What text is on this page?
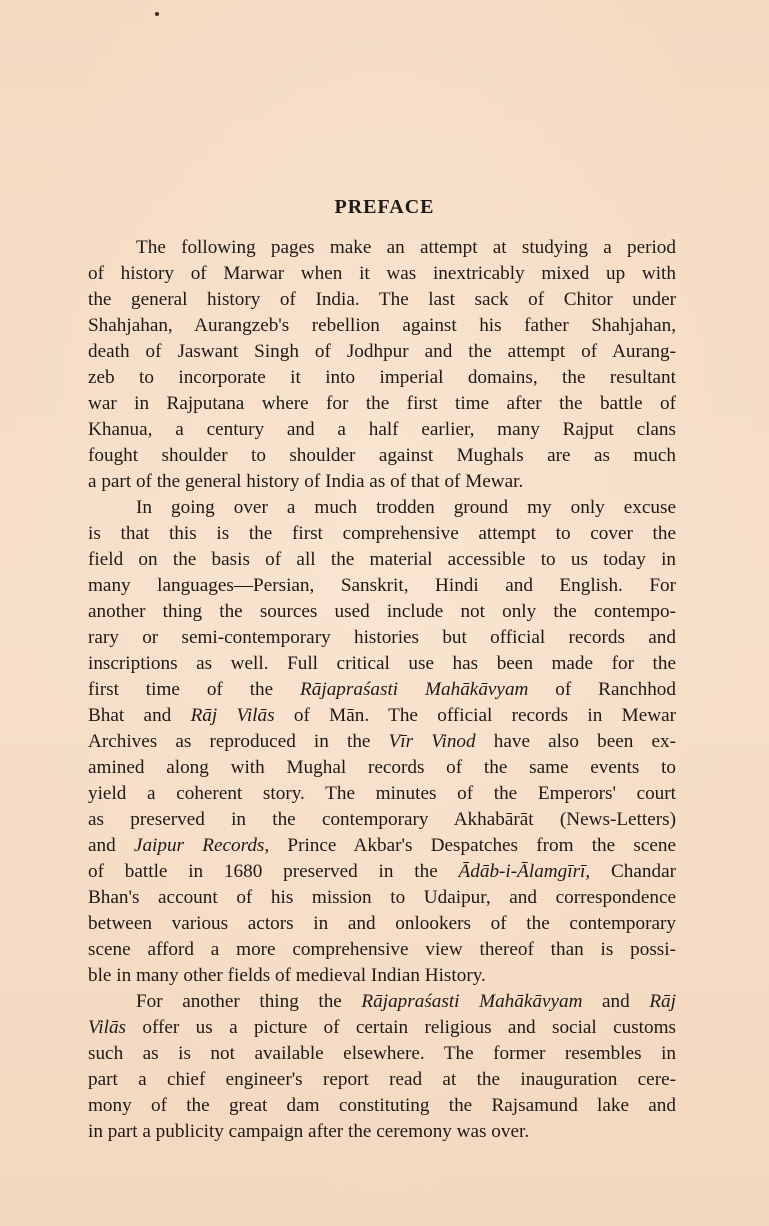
PREFACE
The following pages make an attempt at studying a period
of history of Marwar when it was inextricably mixed up with
the general history of India. The last sack of Chitor under
Shahjahan, Aurangzeb's rebellion against his father Shahjahan,
death of Jaswant Singh of Jodhpur and the attempt of Aurang-
zeb to incorporate it into imperial domains, the resultant
war in Rajputana where for the first time after the battle of
Khanua, a century and a half earlier, many Rajput clans
fought shoulder to shoulder against Mughals are as much
a part of the general history of India as of that of Mewar.
In going over a much trodden ground my only excuse
is that this is the first comprehensive attempt to cover the
field on the basis of all the material accessible to us today in
many languages—Persian, Sanskrit, Hindi and English. For
another thing the sources used include not only the contempo-
rary or semi-contemporary histories but official records and
inscriptions as well. Full critical use has been made for the
first time of the Rājapraśasti Mahākāvyam of Ranchhod
Bhat and Rāj Vilās of Mān. The official records in Mewar
Archives as reproduced in the Vīr Vinod have also been ex-
amined along with Mughal records of the same events to
yield a coherent story. The minutes of the Emperors' court
as preserved in the contemporary Akhabārāt (News-Letters)
and Jaipur Records, Prince Akbar's Despatches from the scene
of battle in 1680 preserved in the Ādāb-i-Ālamgīrī, Chandar
Bhan's account of his mission to Udaipur, and correspondence
between various actors in and onlookers of the contemporary
scene afford a more comprehensive view thereof than is possi-
ble in many other fields of medieval Indian History.
For another thing the Rājapraśasti Mahākāvyam and Rāj
Vilās offer us a picture of certain religious and social customs
such as is not available elsewhere. The former resembles in
part a chief engineer's report read at the inauguration cere-
mony of the great dam constituting the Rajsamund lake and
in part a publicity campaign after the ceremony was over.
